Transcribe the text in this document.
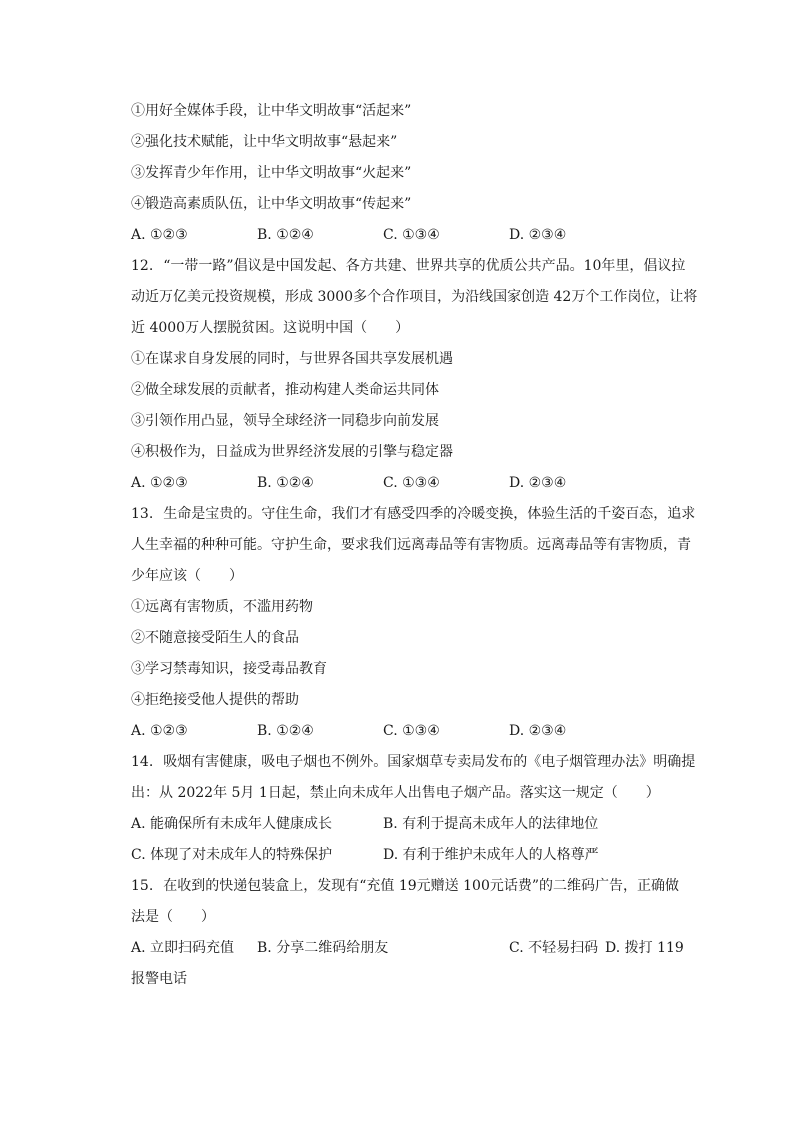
①用好全媒体手段，让中华文明故事“活起来”
②强化技术赋能，让中华文明故事“悬起来”
③发挥青少年作用，让中华文明故事“火起来”
④锻造高素质队伍，让中华文明故事“传起来”
A. ①②③	B. ①②④	C. ①③④	D. ②③④
12. “一带一路”倡议是中国发起、各方共建、世界共享的优质公共产品。10年里，倡议拉
动近万亿美元投资规模，形成 3000多个合作项目，为沿线国家创造 42万个工作岗位，让将
近 4000万人摆脱贫困。这说明中国（　　）
①在谋求自身发展的同时，与世界各国共享发展机遇
②做全球发展的贡献者，推动构建人类命运共同体
③引领作用凸显，领导全球经济一同稳步向前发展
④积极作为，日益成为世界经济发展的引擎与稳定器
A. ①②③	B. ①②④	C. ①③④	D. ②③④
13. 生命是宝贵的。守住生命，我们才有感受四季的冷暖变换，体验生活的千姿百态，追求
人生幸福的种种可能。守护生命，要求我们远离毒品等有害物质。远离毒品等有害物质，青
少年应该（　　）
①远离有害物质，不滥用药物
②不随意接受陌生人的食品
③学习禁毒知识，接受毒品教育
④拒绝接受他人提供的帮助
A. ①②③	B. ①②④	C. ①③④	D. ②③④
14. 吸烟有害健康，吸电子烟也不例外。国家烟草专卖局发布的《电子烟管理办法》明确提
出：从 2022年 5月 1日起，禁止向未成年人出售电子烟产品。落实这一规定（　　）
A. 能确保所有未成年人健康成长	B. 有利于提高未成年人的法律地位
C. 体现了对未成年人的特殊保护	D. 有利于维护未成年人的人格尊严
15. 在收到的快递包装盒上，发现有“充值 19元赠送 100元话费”的二维码广告，正确做
法是（　　）
A. 立即扫码充值 B. 分享二维码给朋友	C. 不轻易扫码 D. 拨打 119
报警电话
